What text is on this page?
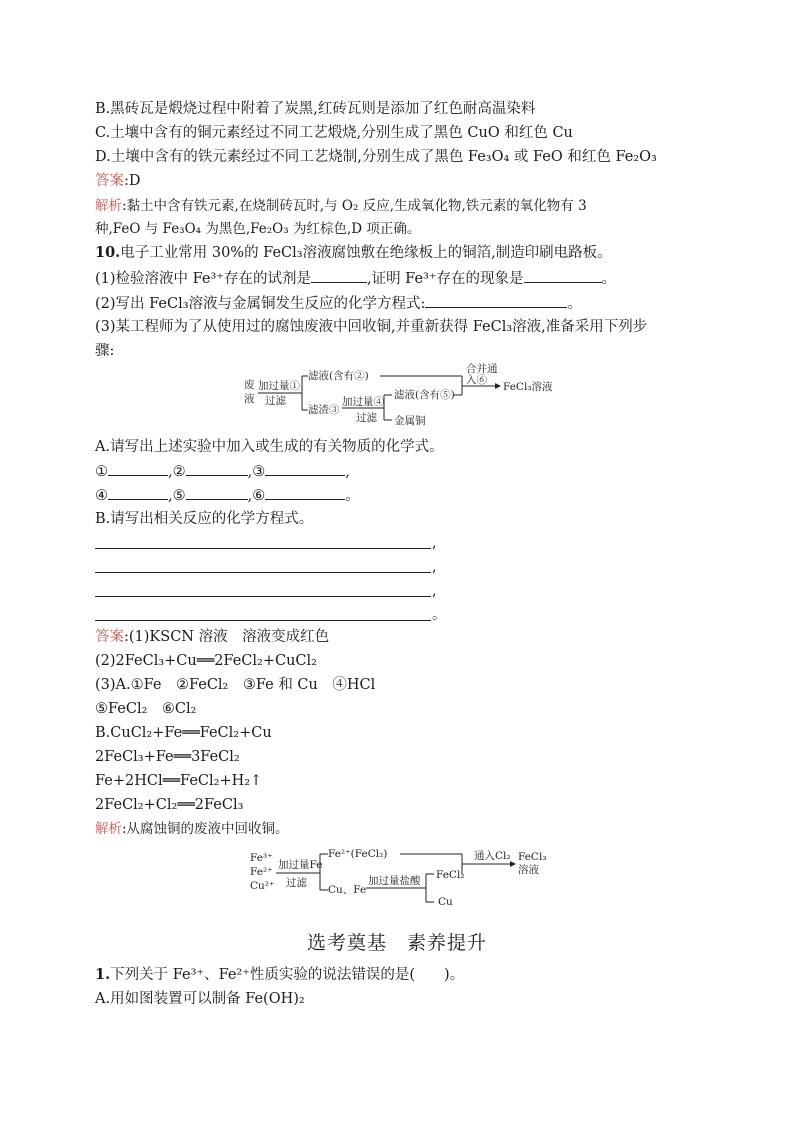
B.黑砖瓦是煅烧过程中附着了炭黑,红砖瓦则是添加了红色耐高温染料
C.土壤中含有的铜元素经过不同工艺煅烧,分别生成了黑色 CuO 和红色 Cu
D.土壤中含有的铁元素经过不同工艺烧制,分别生成了黑色 Fe₃O₄ 或 FeO 和红色 Fe₂O₃
答案:D
解析:黏土中含有铁元素,在烧制砖瓦时,与 O₂ 反应,生成氧化物,铁元素的氧化物有 3
种,FeO 与 Fe₃O₄ 为黑色,Fe₂O₃ 为红棕色,D 项正确。
10.电子工业常用 30%的 FeCl₃溶液腐蚀敷在绝缘板上的铜箔,制造印刷电路板。
(1)检验溶液中 Fe³⁺存在的试剂是	,证明 Fe³⁺存在的现象是	。
(2)写出 FeCl₃溶液与金属铜发生反应的化学方程式:	。
(3)某工程师为了从使用过的腐蚀废液中回收铜,并重新获得 FeCl₃溶液,准备采用下列步
骤:
废
液
加过量①
过滤
滤液(含有②)
滤渣③
加过量④
过滤
滤液(含有⑤)
金属铜
合并通
入⑥
FeCl₃溶液
A.请写出上述实验中加入或生成的有关物质的化学式。
①	,②	,③	,
④	,⑤	,⑥	。
B.请写出相关反应的化学方程式。
,
,
,
。
答案:(1)KSCN 溶液　溶液变成红色
(2)2FeCl₃+Cu══2FeCl₂+CuCl₂
(3)A.①Fe　②FeCl₂　③Fe 和 Cu　④HCl
⑤FeCl₂　⑥Cl₂
B.CuCl₂+Fe══FeCl₂+Cu
2FeCl₃+Fe══3FeCl₂
Fe+2HCl══FeCl₂+H₂↑
2FeCl₂+Cl₂══2FeCl₃
解析:从腐蚀铜的废液中回收铜。
Fe³⁺
Fe²⁺
Cu²⁺
加过量Fe
过滤
Fe²⁺(FeCl₂)
Cu、Fe
加过量盐酸 FeCl₂
Cu
通入Cl₂ FeCl₃
溶液
选考奠基　素养提升
1.下列关于 Fe³⁺、Fe²⁺性质实验的说法错误的是(　　)。
A.用如图装置可以制备 Fe(OH)₂
